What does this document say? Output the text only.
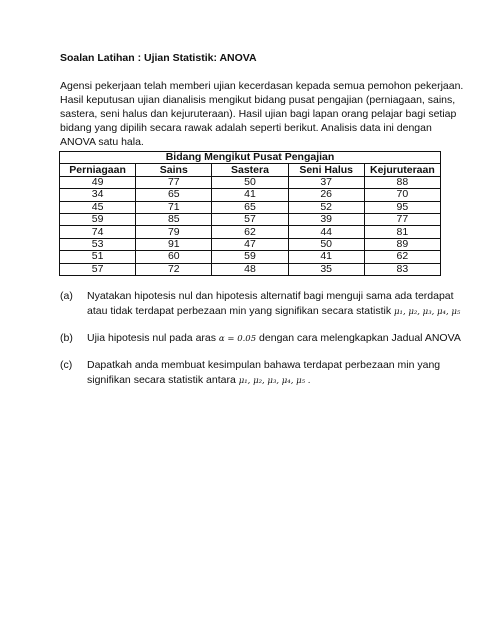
Soalan Latihan : Ujian Statistik: ANOVA
Agensi pekerjaan telah memberi ujian kecerdasan kepada semua pemohon pekerjaan.
Hasil keputusan ujian dianalisis mengikut bidang pusat pengajian (perniagaan, sains,
sastera, seni halus dan kejuruteraan). Hasil ujian bagi lapan orang pelajar bagi setiap
bidang yang dipilih secara rawak adalah seperti berikut. Analisis data ini dengan
ANOVA satu hala.
Bidang Mengikut Pusat Pengajian				
Perniagaan	Sains	Sastera	Seni Halus	Kejuruteraan
49	77	50	37	88
34	65	41	26	70
45	71	65	52	95
59	85	57	39	77
74	79	62	44	81
53	91	47	50	89
51	60	59	41	62
57	72	48	35	83
(a) Nyatakan hipotesis nul dan hipotesis alternatif bagi menguji sama ada terdapat
atau tidak terdapat perbezaan min yang signifikan secara statistik μ₁, μ₂, μ₃, μ₄, μ₅
(b) Ujia hipotesis nul pada aras α = 0.05 dengan cara melengkapkan Jadual ANOVA
(c) Dapatkah anda membuat kesimpulan bahawa terdapat perbezaan min yang
signifikan secara statistik antara μ₁, μ₂, μ₃, μ₄, μ₅ .
